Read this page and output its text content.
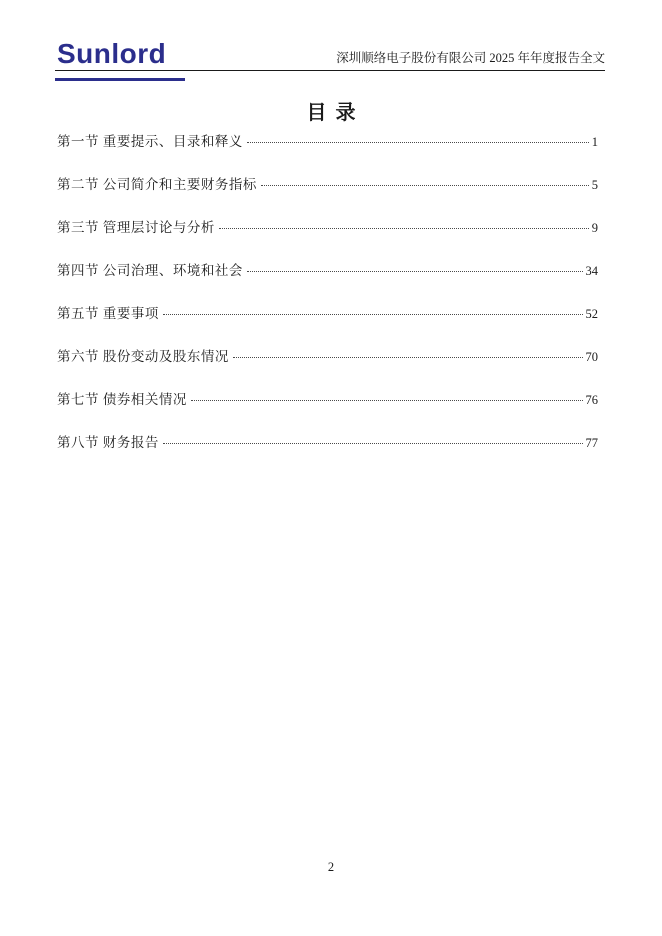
Sunlord	深圳顺络电子股份有限公司 2025 年年度报告全文
目录
第一节 重要提示、目录和释义	1
第二节 公司简介和主要财务指标	5
第三节 管理层讨论与分析	9
第四节 公司治理、环境和社会	34
第五节 重要事项	52
第六节 股份变动及股东情况	70
第七节 债券相关情况	76
第八节 财务报告	77
2
